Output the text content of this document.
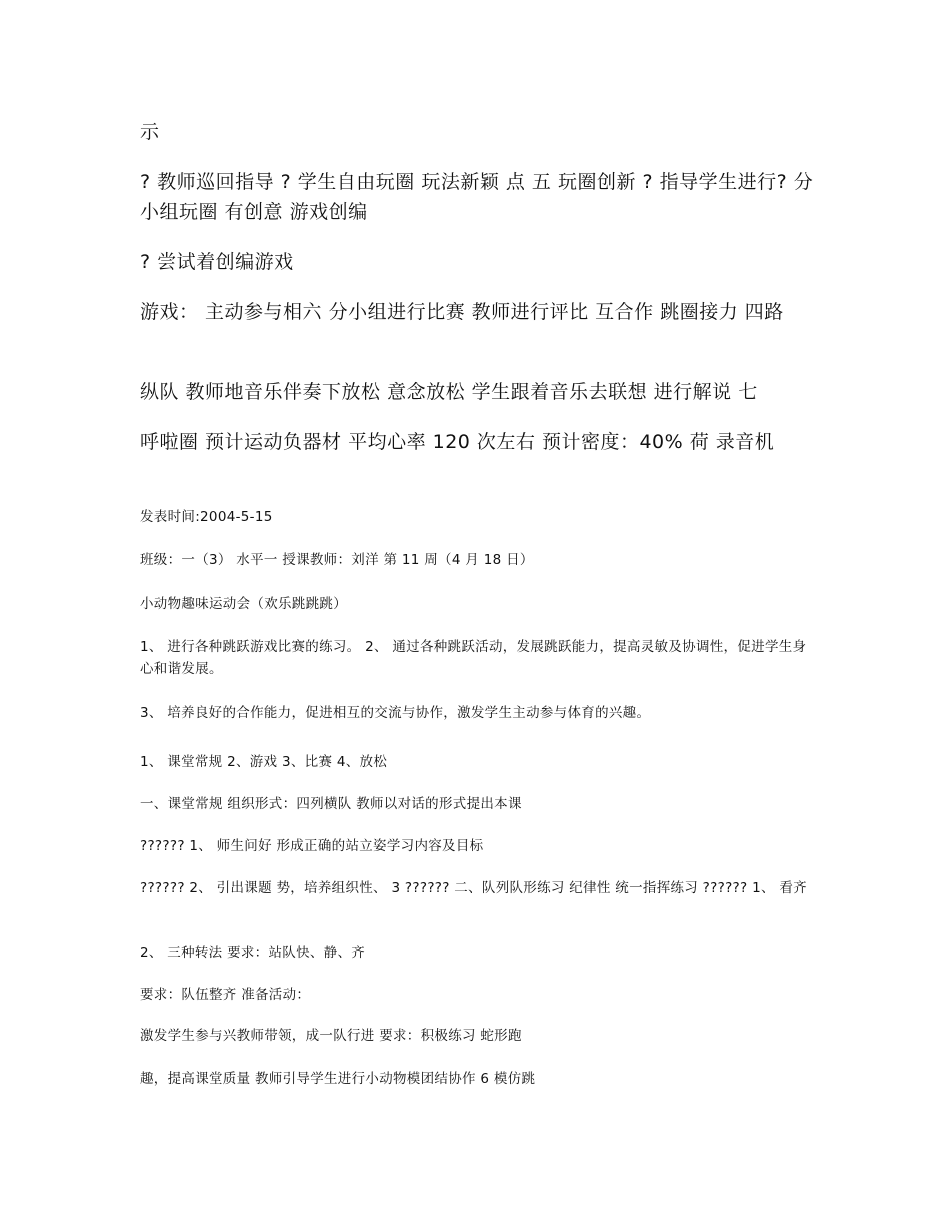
示

? 教师巡回指导 ? 学生自由玩圈 玩法新颖 点 五 玩圈创新 ? 指导学生进行? 分小组玩圈 有创意 游戏创编

? 尝试着创编游戏

游戏： 主动参与相六 分小组进行比赛 教师进行评比 互合作 跳圈接力 四路

纵队 教师地音乐伴奏下放松 意念放松 学生跟着音乐去联想 进行解说 七

呼啦圈 预计运动负器材 平均心率 120 次左右 预计密度：40% 荷 录音机

发表时间:2004-5-15

班级：一（3） 水平一 授课教师：刘洋 第 11 周（4 月 18 日）

小动物趣味运动会（欢乐跳跳跳）

1、 进行各种跳跃游戏比赛的练习。 2、 通过各种跳跃活动，发展跳跃能力，提高灵敏及协调性，促进学生身心和谐发展。

3、 培养良好的合作能力，促进相互的交流与协作，激发学生主动参与体育的兴趣。

1、 课堂常规 2、游戏 3、比赛 4、放松

一、课堂常规 组织形式：四列横队 教师以对话的形式提出本课

?????? 1、 师生问好 形成正确的站立姿学习内容及目标

?????? 2、 引出课题 势，培养组织性、 3 ?????? 二、队列队形练习 纪律性 统一指挥练习 ?????? 1、 看齐

2、 三种转法 要求：站队快、静、齐

要求：队伍整齐 准备活动：

激发学生参与兴教师带领，成一队行进 要求：积极练习 蛇形跑

趣，提高课堂质量 教师引导学生进行小动物模团结协作 6 模仿跳
